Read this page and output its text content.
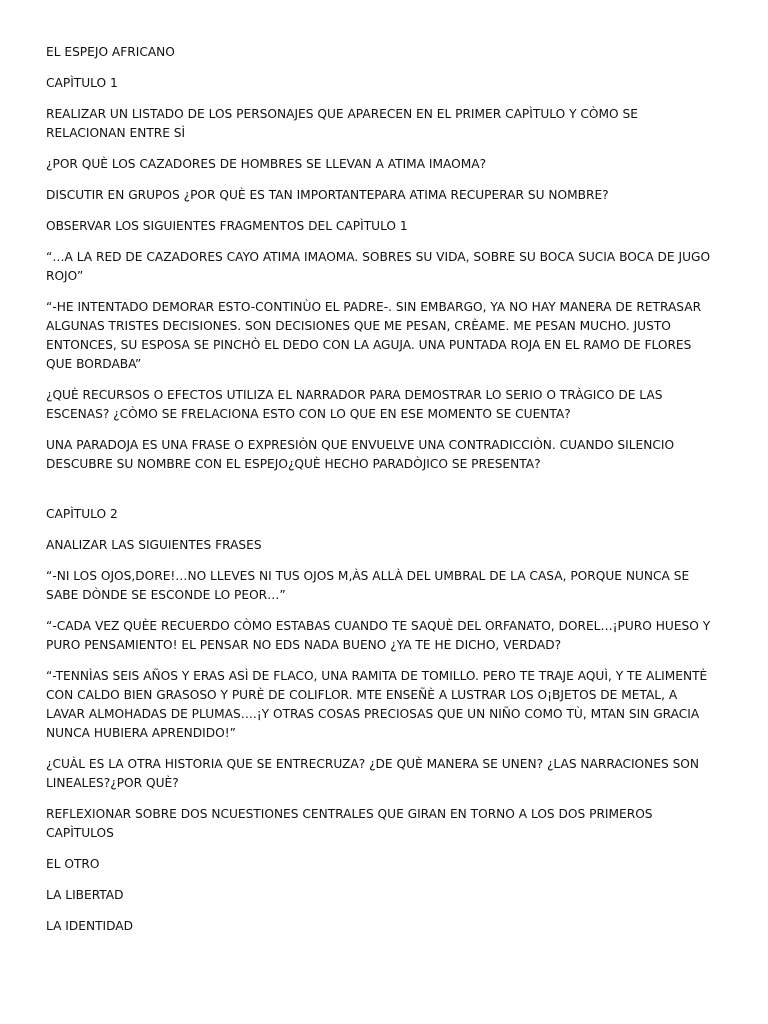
EL ESPEJO AFRICANO

CAPÌTULO 1

REALIZAR UN LISTADO DE LOS PERSONAJES QUE APARECEN EN EL PRIMER CAPÌTULO Y CÒMO SE RELACIONAN ENTRE SÌ

¿POR QUÈ LOS CAZADORES DE HOMBRES SE LLEVAN A ATIMA IMAOMA?

DISCUTIR EN GRUPOS ¿POR QUÈ ES TAN IMPORTANTEPARA ATIMA RECUPERAR SU NOMBRE?

OBSERVAR LOS SIGUIENTES FRAGMENTOS DEL CAPÌTULO 1

“…A LA RED DE CAZADORES CAYO ATIMA IMAOMA. SOBRES SU VIDA, SOBRE SU BOCA SUCIA BOCA DE JUGO ROJO”

“-HE INTENTADO DEMORAR ESTO-CONTINÙO EL PADRE-. SIN EMBARGO, YA NO HAY MANERA DE RETRASAR ALGUNAS TRISTES DECISIONES. SON DECISIONES QUE ME PESAN, CRÈAME. ME PESAN MUCHO. JUSTO ENTONCES, SU ESPOSA SE PINCHÒ EL DEDO CON LA AGUJA. UNA PUNTADA ROJA EN EL RAMO DE FLORES QUE BORDABA”

¿QUÈ RECURSOS O EFECTOS UTILIZA EL NARRADOR PARA DEMOSTRAR LO SERIO O TRÀGICO DE LAS ESCENAS? ¿CÒMO SE FRELACIONA ESTO CON LO QUE EN ESE MOMENTO SE CUENTA?

UNA PARADOJA ES UNA FRASE O EXPRESIÒN QUE ENVUELVE UNA CONTRADICCIÒN. CUANDO SILENCIO DESCUBRE SU NOMBRE CON EL ESPEJO¿QUÈ HECHO PARADÒJICO SE PRESENTA?

CAPÌTULO 2

ANALIZAR LAS SIGUIENTES FRASES

“-NI LOS OJOS,DORE!…NO LLEVES NI TUS OJOS M,ÀS ALLÀ DEL UMBRAL DE LA CASA, PORQUE NUNCA SE SABE DÒNDE SE ESCONDE LO PEOR…”

“-CADA VEZ QUÈE RECUERDO CÒMO ESTABAS CUANDO TE SAQUÈ DEL ORFANATO, DOREL…¡PURO HUESO Y PURO PENSAMIENTO! EL PENSAR NO EDS NADA BUENO ¿YA TE HE DICHO, VERDAD?

“-TENNÌAS SEIS AÑOS Y ERAS ASÌ DE FLACO, UNA RAMITA DE TOMILLO. PERO TE TRAJE AQUÌ, Y TE ALIMENTÈ CON CALDO BIEN GRASOSO Y PURÈ DE COLIFLOR. MTE ENSEÑÈ A LUSTRAR LOS O¡BJETOS DE METAL, A LAVAR ALMOHADAS DE PLUMAS….¡Y OTRAS COSAS PRECIOSAS QUE UN NIÑO COMO TÙ, MTAN SIN GRACIA NUNCA HUBIERA APRENDIDO!”

¿CUÀL ES LA OTRA HISTORIA QUE SE ENTRECRUZA? ¿DE QUÈ MANERA SE UNEN? ¿LAS NARRACIONES SON LINEALES?¿POR QUÈ?

REFLEXIONAR SOBRE DOS NCUESTIONES CENTRALES QUE GIRAN EN TORNO A LOS DOS PRIMEROS CAPÌTULOS

EL OTRO

LA LIBERTAD

LA IDENTIDAD
